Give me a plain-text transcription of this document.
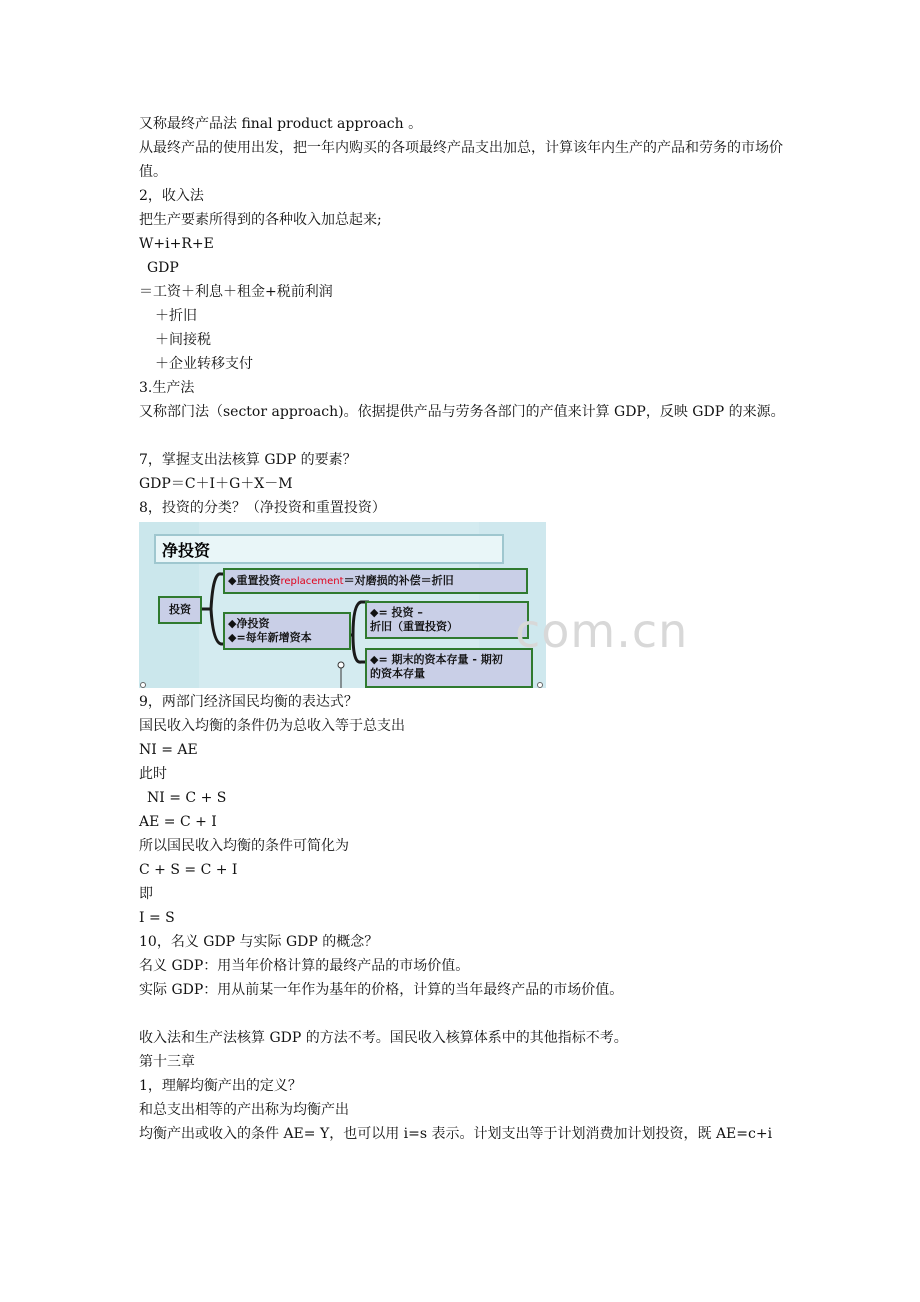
又称最终产品法 final product approach 。
从最终产品的使用出发，把一年内购买的各项最终产品支出加总，计算该年内生产的产品和劳务的市场价值。
2，收入法
把生产要素所得到的各种收入加总起来;
W+i+R+E
GDP
＝工资＋利息＋租金+税前利润
＋折旧
＋间接税
＋企业转移支付
3.生产法
又称部门法（sector approach)。依据提供产品与劳务各部门的产值来计算 GDP，反映 GDP 的来源。
7，掌握支出法核算 GDP 的要素？
GDP＝C＋I＋G＋X－M
8，投资的分类？（净投资和重置投资）
净投资
投资
◆重置投资replacement＝对磨损的补偿＝折旧
◆净投资
◆=每年新增资本
◆= 投资 –
折旧（重置投资）
◆= 期末的资本存量 - 期初
的资本存量
9，两部门经济国民均衡的表达式？
国民收入均衡的条件仍为总收入等于总支出
NI = AE
此时
NI = C + S
AE = C + I
所以国民收入均衡的条件可简化为
C + S = C + I
即
I = S
10，名义 GDP 与实际 GDP 的概念？
名义 GDP：用当年价格计算的最终产品的市场价值。
实际 GDP：用从前某一年作为基年的价格，计算的当年最终产品的市场价值。
收入法和生产法核算 GDP 的方法不考。国民收入核算体系中的其他指标不考。
第十三章
1，理解均衡产出的定义？
和总支出相等的产出称为均衡产出
均衡产出或收入的条件 AE= Y，也可以用 i=s 表示。计划支出等于计划消费加计划投资，既 AE=c+i
com.cn
